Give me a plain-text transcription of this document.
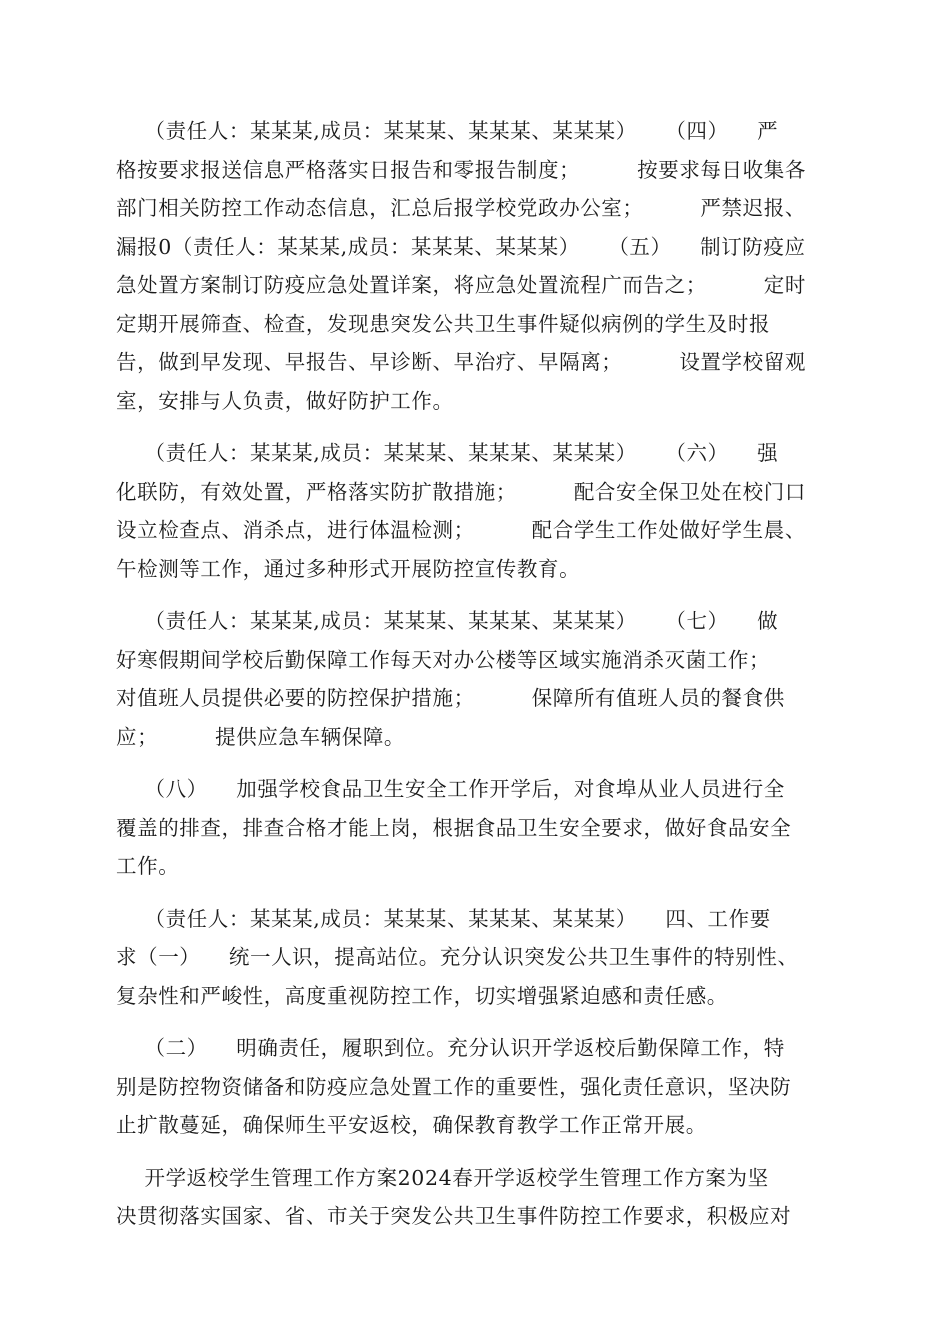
（责任人：某某某,成员：某某某、某某某、某某某）    （四）    严
格按要求报送信息严格落实日报告和零报告制度；        按要求每日收集各
部门相关防控工作动态信息，汇总后报学校党政办公室；        严禁迟报、
漏报0（责任人：某某某,成员：某某某、某某某）    （五）    制订防疫应
急处置方案制订防疫应急处置详案，将应急处置流程广而告之；        定时
定期开展筛查、检查，发现患突发公共卫生事件疑似病例的学生及时报
告，做到早发现、早报告、早诊断、早治疗、早隔离；        设置学校留观
室，安排与人负责，做好防护工作。
（责任人：某某某,成员：某某某、某某某、某某某）    （六）    强
化联防，有效处置，严格落实防扩散措施；        配合安全保卫处在校门口
设立检查点、消杀点，进行体温检测；        配合学生工作处做好学生晨、
午检测等工作，通过多种形式开展防控宣传教育。
（责任人：某某某,成员：某某某、某某某、某某某）    （七）    做
好寒假期间学校后勤保障工作每天对办公楼等区域实施消杀灭菌工作；
对值班人员提供必要的防控保护措施；        保障所有值班人员的餐食供
应；        提供应急车辆保障。
（八）    加强学校食品卫生安全工作开学后，对食埠从业人员进行全
覆盖的排查，排查合格才能上岗，根据食品卫生安全要求，做好食品安全
工作。
（责任人：某某某,成员：某某某、某某某、某某某）    四、工作要
求（一）    统一人识，提高站位。充分认识突发公共卫生事件的特别性、
复杂性和严峻性，高度重视防控工作，切实增强紧迫感和责任感。
（二）    明确责任，履职到位。充分认识开学返校后勤保障工作，特
别是防控物资储备和防疫应急处置工作的重要性，强化责任意识，坚决防
止扩散蔓延，确保师生平安返校，确保教育教学工作正常开展。
开学返校学生管理工作方案2024春开学返校学生管理工作方案为坚
决贯彻落实国家、省、市关于突发公共卫生事件防控工作要求，积极应对
